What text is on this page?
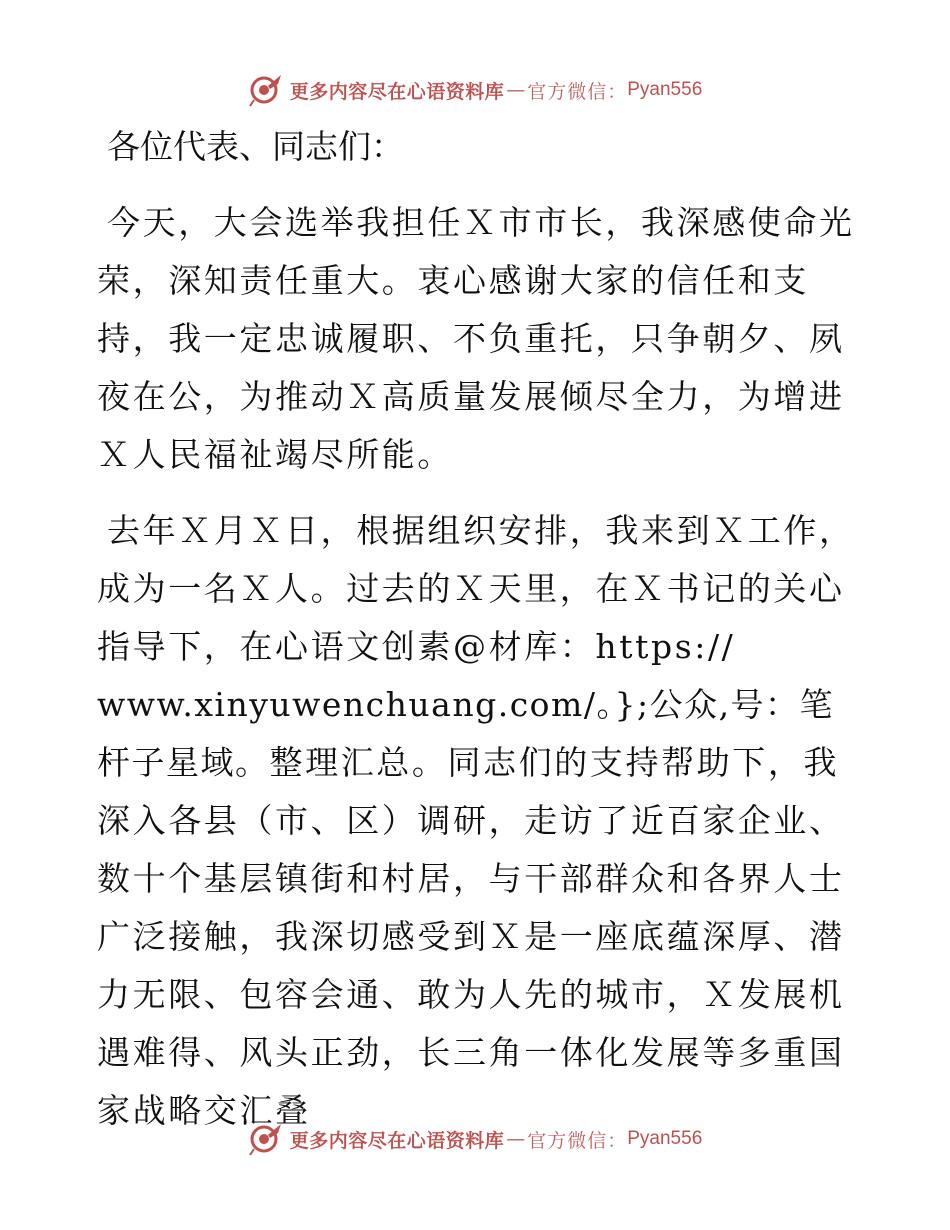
更多内容尽在心语资料库 — 官方微信： Pyan556

各位代表、同志们：

今天，大会选举我担任Ｘ市市长，我深感使命光荣，深知责任重大。衷心感谢大家的信任和支持，我一定忠诚履职、不负重托，只争朝夕、夙夜在公，为推动Ｘ高质量发展倾尽全力，为增进Ｘ人民福祉竭尽所能。

去年Ｘ月Ｘ日，根据组织安排，我来到Ｘ工作，成为一名Ｘ人。过去的Ｘ天里，在Ｘ书记的关心指导下，在心语文创素@材库：https://
www.xinyuwenchuang.com/。};公众,号：笔杆子星域。整理汇总。同志们的支持帮助下，我深入各县（市、区）调研，走访了近百家企业、数十个基层镇街和村居，与干部群众和各界人士广泛接触，我深切感受到Ｘ是一座底蕴深厚、潜力无限、包容会通、敢为人先的城市，Ｘ发展机遇难得、风头正劲，长三角一体化发展等多重国家战略交汇叠

更多内容尽在心语资料库 — 官方微信： Pyan556
